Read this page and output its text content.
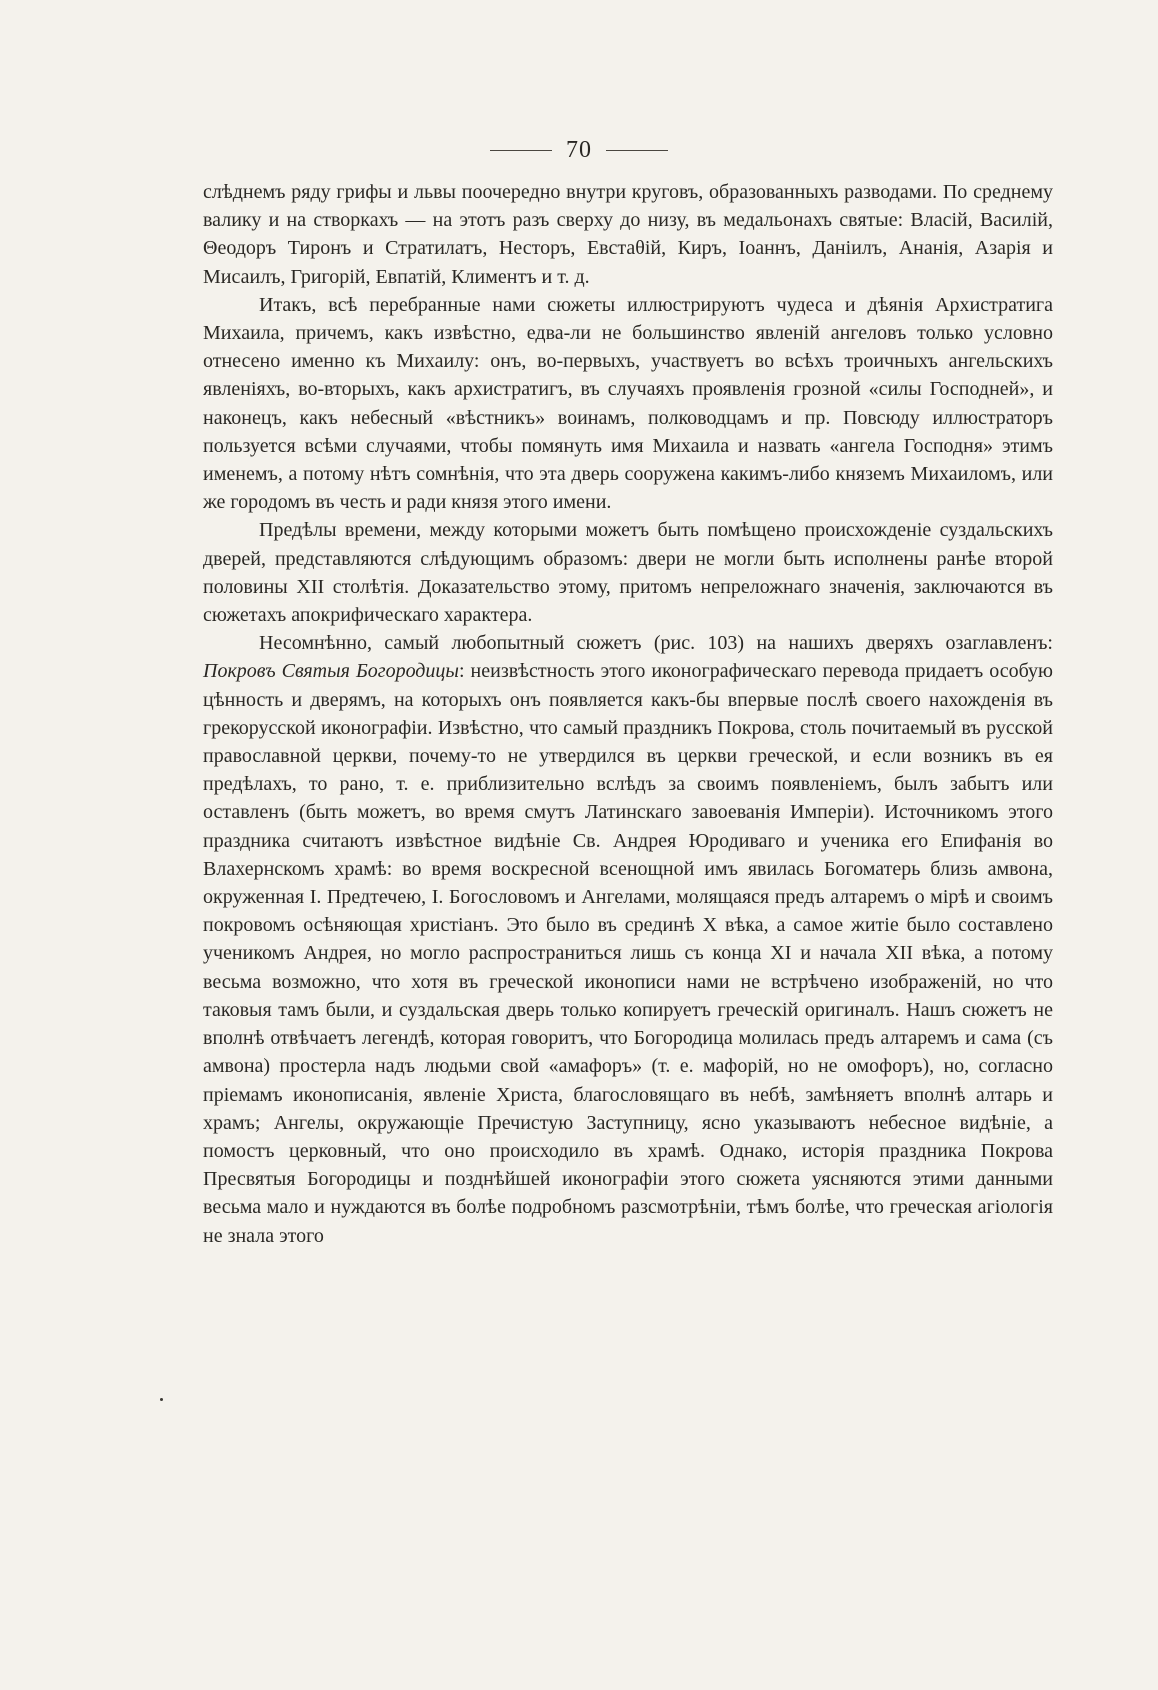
70

слѣднемъ ряду грифы и львы поочередно внутри круговъ, образованныхъ разводами. По среднему валику и на створкахъ — на этотъ разъ сверху до низу, въ медальонахъ святые: Власій, Василій, Θеодоръ Тиронъ и Стратилатъ, Несторъ, Евстаθій, Киръ, Іоаннъ, Даніилъ, Ананія, Азарія и Мисаилъ, Григорій, Евпатій, Климентъ и т. д.

Итакъ, всѣ перебранные нами сюжеты иллюстрируютъ чудеса и дѣянія Архистратига Михаила, причемъ, какъ извѣстно, едва-ли не большинство явленій ангеловъ только условно отнесено именно къ Михаилу: онъ, во-первыхъ, участвуетъ во всѣхъ троичныхъ ангельскихъ явленіяхъ, во-вторыхъ, какъ архистратигъ, въ случаяхъ проявленія грозной «силы Господней», и наконецъ, какъ небесный «вѣстникъ» воинамъ, полководцамъ и пр. Повсюду иллюстраторъ пользуется всѣми случаями, чтобы помянуть имя Михаила и назвать «ангела Господня» этимъ именемъ, а потому нѣтъ сомнѣнія, что эта дверь сооружена какимъ-либо княземъ Михаиломъ, или же городомъ въ честь и ради князя этого имени.

Предѣлы времени, между которыми можетъ быть помѣщено происхожденіе суздальскихъ дверей, представляются слѣдующимъ образомъ: двери не могли быть исполнены ранѣе второй половины XII столѣтія. Доказательство этому, притомъ непреложнаго значенія, заключаются въ сюжетахъ апокрифическаго характера.

Несомнѣнно, самый любопытный сюжетъ (рис. 103) на нашихъ дверяхъ озаглавленъ: Покровъ Святыя Богородицы: неизвѣстность этого иконографическаго перевода придаетъ особую цѣнность и дверямъ, на которыхъ онъ появляется какъ-бы впервые послѣ своего нахожденія въ грекорусской иконографіи. Извѣстно, что самый праздникъ Покрова, столь почитаемый въ русской православной церкви, почему-то не утвердился въ церкви греческой, и если возникъ въ ея предѣлахъ, то рано, т. е. приблизительно вслѣдъ за своимъ появленіемъ, былъ забытъ или оставленъ (быть можетъ, во время смутъ Латинскаго завоеванія Имперіи). Источникомъ этого праздника считаютъ извѣстное видѣніе Св. Андрея Юродиваго и ученика его Епифанія во Влахернскомъ храмѣ: во время воскресной всенощной имъ явилась Богоматерь близь амвона, окруженная І. Предтечею, І. Богословомъ и Ангелами, молящаяся предъ алтаремъ о мірѣ и своимъ покровомъ осѣняющая христіанъ. Это было въ срединѣ X вѣка, а самое житіе было составлено ученикомъ Андрея, но могло распространиться лишь съ конца XI и начала XII вѣка, а потому весьма возможно, что хотя въ греческой иконописи нами не встрѣчено изображеній, но что таковыя тамъ были, и суздальская дверь только копируетъ греческій оригиналъ. Нашъ сюжетъ не вполнѣ отвѣчаетъ легендѣ, которая говоритъ, что Богородица молилась предъ алтаремъ и сама (съ амвона) простерла надъ людьми свой «амафоръ» (т. е. мафорій, но не омофоръ), но, согласно пріемамъ иконописанія, явленіе Христа, благословящаго въ небѣ, замѣняетъ вполнѣ алтарь и храмъ; Ангелы, окружающіе Пречистую Заступницу, ясно указываютъ небесное видѣніе, а помостъ церковный, что оно происходило въ храмѣ. Однако, исторія праздника Покрова Пресвятыя Богородицы и позднѣйшей иконографіи этого сюжета уясняются этими данными весьма мало и нуждаются въ болѣе подробномъ разсмотрѣніи, тѣмъ болѣе, что греческая агіологія не знала этого
